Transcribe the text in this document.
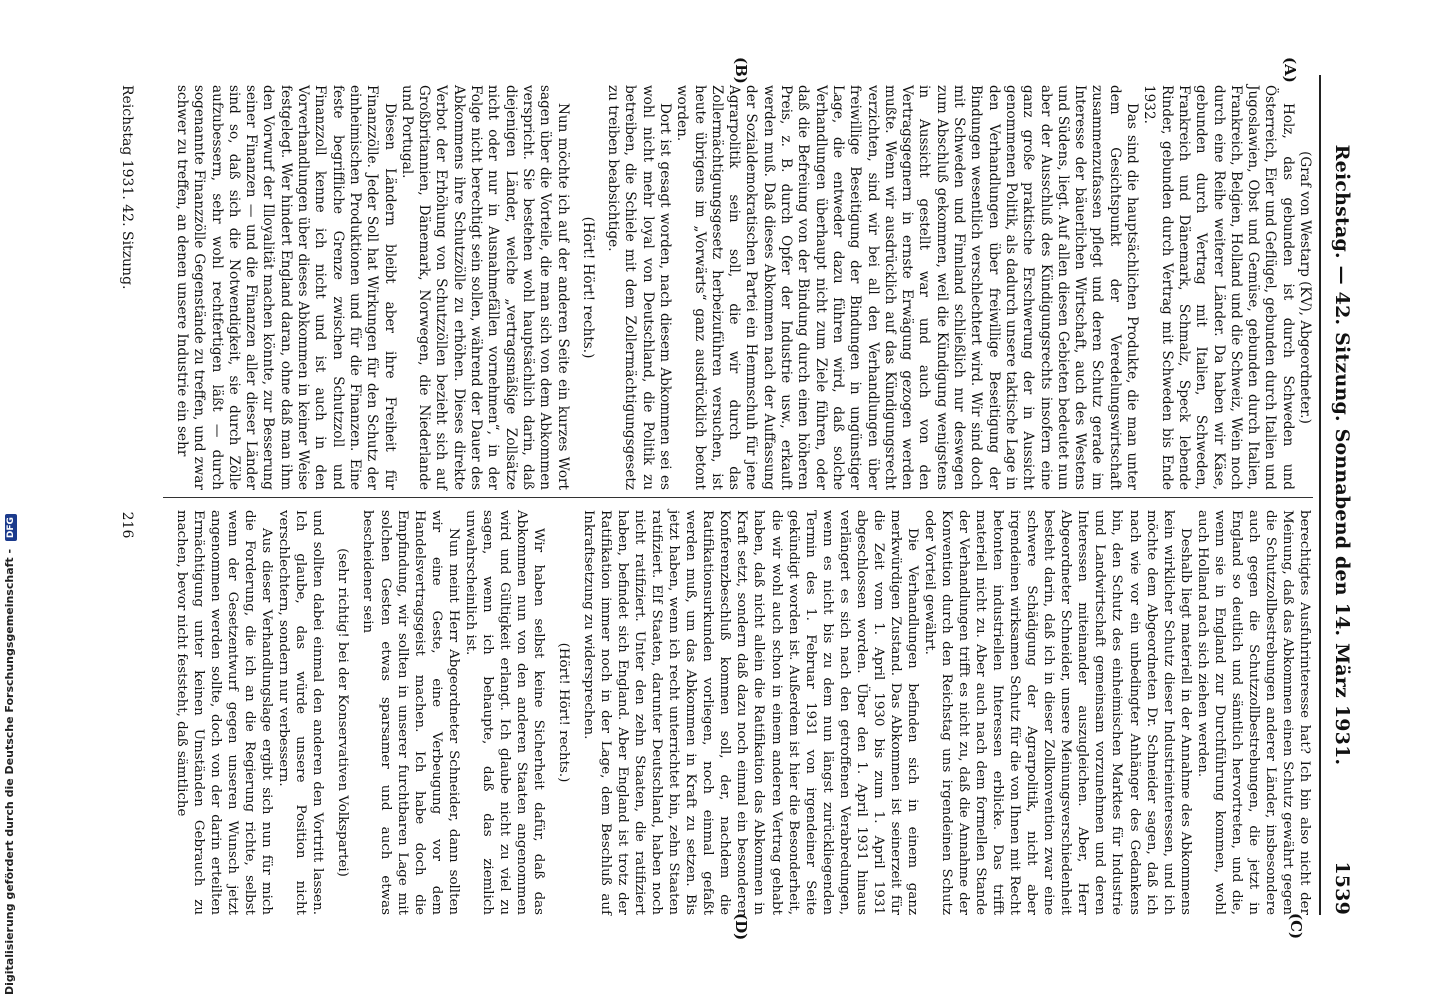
Digitalisierung gefördert durch die Deutsche Forschungsgemeinschaft - DFG	Reichstag. — 42. Sitzung. Sonnabend den 14. März 1931.
1539
(A)
(B)
(C)
(D)

(Graf von Westarp (KV), Abgeordneter.)

Holz, das gebunden ist durch Schweden und Österreich, Eier und Geflügel, gebunden durch Italien und Jugoslawien, Obst und Gemüse, gebunden durch Italien, Frankreich, Belgien, Holland und die Schweiz, Wein noch durch eine Reihe weiterer Länder. Da haben wir Käse, gebunden durch Vertrag mit Italien, Schweden, Frankreich und Dänemark, Schmalz, Speck lebende Rinder, gebunden durch Vertrag mit Schweden bis Ende 1932.

Das sind die hauptsächlichen Produkte, die man unter dem Gesichtspunkt der Veredelungswirtschaft zusammenzufassen pflegt und deren Schutz gerade im Interesse der bäuerlichen Wirtschaft, auch des Westens und Südens, liegt. Auf allen diesen Gebieten bedeutet nun aber der Ausschluß des Kündigungsrechts insofern eine ganz große praktische Erschwerung der in Aussicht genommenen Politik, als dadurch unsere taktische Lage in den Verhandlungen über freiwillige Beseitigung der Bindungen wesentlich verschlechtert wird. Wir sind doch mit Schweden und Finnland schließlich nur deswegen zum Abschluß gekommen, weil die Kündigung wenigstens in Aussicht gestellt war und auch von den Vertragsgegnern in ernste Erwägung gezogen werden mußte. Wenn wir ausdrücklich auf das Kündigungsrecht verzichten, sind wir bei all den Verhandlungen über freiwillige Beseitigung der Bindungen in ungünstiger Lage, die entweder dazu führen wird, daß solche Verhandlungen überhaupt nicht zum Ziele führen, oder daß die Befreiung von der Bindung durch einen höheren Preis, z. B. durch Opfer der Industrie usw., erkauft werden muß. Daß dieses Abkommen nach der Auffassung der Sozialdemokratischen Partei ein Hemmschuh für jene Agrarpolitik sein soll, die wir durch das Zollermächtigungsgesetz herbeizuführen versuchen, ist heute übrigens im „Vorwärts“ ganz ausdrücklich betont worden.

Dort ist gesagt worden, nach diesem Abkommen sei es wohl nicht mehr loyal von Deutschland, die Politik zu betreiben, die Schiele mit dem Zollermächtigungsgesetz zu treiben beabsichtige.

(Hört! Hört! rechts.)

Nun möchte ich auf der anderen Seite ein kurzes Wort sagen über die Vorteile, die man sich von dem Abkommen verspricht. Sie bestehen wohl hauptsächlich darin, daß diejenigen Länder, welche „vertragsmäßige Zollsätze nicht oder nur in Ausnahmefällen vornehmen“, in der Folge nicht berechtigt sein sollen, während der Dauer des Abkommens ihre Schutzzölle zu erhöhen. Dieses direkte Verbot der Erhöhung von Schutzzöllen bezieht sich auf Großbritannien, Dänemark, Norwegen, die Niederlande und Portugal.

Diesen Ländern bleibt aber ihre Freiheit für Finanzzölle. Jeder Soll hat Wirkungen für den Schutz der einheimischen Produktionen und für die Finanzen. Eine feste begriffliche Grenze zwischen Schutzzoll und Finanzzoll kenne ich nicht und ist auch in den Vorverhandlungen über dieses Abkommen in keiner Weise festgelegt. Wer hindert England daran, ohne daß man ihm den Vorwurf der Illoyalität machen könnte, zur Besserung seiner Finanzen — und die Finanzen aller dieser Länder sind so, daß sich die Notwendigkeit, sie durch Zölle aufzubessern, sehr wohl rechtfertigen läßt — durch sogenannte Finanzzölle Gegenstände zu treffen, und zwar schwer zu treffen, an denen unsere Industrie ein sehr

berechtigtes Ausfuhrinteresse hat? Ich bin also nicht der Meinung, daß das Abkommen einen Schutz gewährt gegen die Schutzzollbestrebungen anderer Länder, insbesondere auch gegen die Schutzzollbestrebungen, die jetzt in England so deutlich und sämtlich hervortreten, und die, wenn sie in England zur Durchführung kommen, wohl auch Holland nach sich ziehen werden.

Deshalb liegt materiell in der Annahme des Abkommens kein wirklicher Schutz dieser Industrieinteressen, und ich möchte dem Abgeordneten Dr. Schneider sagen, daß ich nach wie vor ein unbedingter Anhänger des Gedankens bin, den Schutz des einheimischen Marktes für Industrie und Landwirtschaft gemeinsam vorzunehmen und deren Interessen miteinander auszugleichen. Aber, Herr Abgeordneter Schneider, unsere Meinungsverschiedenheit besteht darin, daß ich in dieser Zollkonvention zwar eine schwere Schädigung der Agrarpolitik, nicht aber irgendeinen wirksamen Schutz für die von Ihnen mit Recht betonten industriellen Interessen erblicke. Das trifft materiell nicht zu. Aber auch nach dem formellen Stande der Verhandlungen trifft es nicht zu, daß die Annahme der Konvention durch den Reichstag uns irgendeinen Schutz oder Vorteil gewährt.

Die Verhandlungen befinden sich in einem ganz merkwürdigen Zustand. Das Abkommen ist seinerzeit für die Zeit vom 1. April 1930 bis zum 1. April 1931 abgeschlossen worden. Über den 1. April 1931 hinaus verlängert es sich nach den getroffenen Verabredungen, wenn es nicht bis zu dem nun längst zurückliegenden Termin des 1. Februar 1931 von irgendeiner Seite gekündigt worden ist. Außerdem ist hier die Besonderheit, die wir wohl auch schon in einem anderen Vertrag gehabt haben, daß nicht allein die Ratifikation das Abkommen in Kraft setzt, sondern daß dazu noch einmal ein besonderer Konferenzbeschluß kommen soll, der, nachdem die Ratifikationsurkunden vorliegen, noch einmal gefaßt werden muß, um das Abkommen in Kraft zu setzen. Bis jetzt haben, wenn ich recht unterrichtet bin, zehn Staaten ratifiziert. Elf Staaten, darunter Deutschland, haben noch nicht ratifiziert. Unter den zehn Staaten, die ratifiziert haben, befindet sich England. Aber England ist trotz der Ratifikation immer noch in der Lage, dem Beschluß auf Inkraftsetzung zu widersprechen.

(Hört! Hört! rechts.)

Wir haben selbst keine Sicherheit dafür, daß das Abkommen nun von den anderen Staaten angenommen wird und Gültigkeit erlangt. Ich glaube nicht zu viel zu sagen, wenn ich behaupte, daß das ziemlich unwahrscheinlich ist.

Nun meint Herr Abgeordneter Schneider, dann sollten wir eine Geste, eine Verbeugung vor dem Handelsvertragsgeist machen. Ich habe doch die Empfindung, wir sollten in unserer furchtbaren Lage mit solchen Gesten etwas sparsamer und auch etwas bescheidener sein

(sehr richtig! bei der Konservativen Volkspartei)

und sollten dabei einmal den anderen den Vortritt lassen. Ich glaube, das würde unsere Position nicht verschlechtern, sondern nur verbessern.

Aus dieser Verhandlungslage ergibt sich nun für mich die Forderung, die ich an die Regierung richte, selbst wenn der Gesetzentwurf gegen unseren Wunsch jetzt angenommen werden sollte, doch von der darin erteilten Ermächtigung unter keinen Umständen Gebrauch zu machen, bevor nicht feststeht, daß sämtliche

Reichstag 1931. 42. Sitzung.
216
